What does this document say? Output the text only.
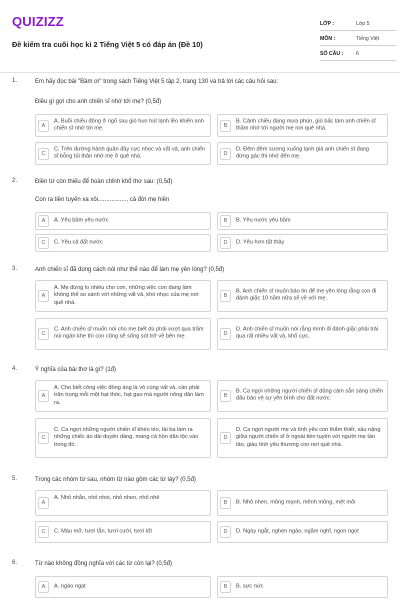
QUIZIZZ
Đề kiểm tra cuối học kì 2 Tiếng Việt 5 có đáp án (Đề 10)
LỚP :	Lớp 5
MÔN :	Tiếng Việt
SỐ CÂU : 6
1.	Em hãy đọc bài "Bầm ơi" trong sách Tiếng Việt 5 tập 2, trang 130 và trả lời các câu hỏi sau:
Điều gì gợi cho anh chiến sĩ nhớ tới mẹ? (0,5đ)
A
A. Buổi chiều đông ở ngõ sau gió hun hút lạnh lẽo khiến anh chiến sĩ nhớ tới mẹ.	B
B. Cảnh chiều đang mưa phùn, gió bấc làm anh chiến sĩ thầm nhớ tới người mẹ nơi quê nhà.
C
C. Trên đường hành quân đầy cực nhọc và vất vả, anh chiến sĩ bỗng tủi thân nhớ mẹ ở quê nhà.	D
D. Đêm đêm sương xuống lạnh giá anh chiến sĩ đang đứng gác thì nhớ đến mẹ.
2.	Điền từ còn thiếu để hoàn chỉnh khổ thơ sau: (0,5đ)
Con ra tiền tuyến xa xôi................., cả đời mẹ hiền
A	A. Yêu bầm yêu nước	B	B. Yêu nước yêu bầm
C	C. Yêu cả đất nước	D	D. Yêu hơn tất thảy
3.	Anh chiến sĩ đã dùng cách nói như thế nào để làm mẹ yên lòng? (0,5đ)
A
A. Mẹ đừng lo nhiều cho con, những việc con đang làm không thể so sánh với những vất vả, khó nhọc của mẹ nơi quê nhà.
B
B. Anh chiến sĩ muốn báo tin để mẹ yên lòng rằng con đi đánh giặc 10 năm nữa sẽ về với mẹ.
C
C. Anh chiến sĩ muốn nói cho mẹ biết dù phải vượt qua trăm núi ngàn khe thì con cũng sẽ sống sót trở về bên mẹ.	D
D. Anh chiến sĩ muốn nói rằng mình đi đánh giặc phải trải qua rất nhiều vất vả, khổ cực.
4.	Ý nghĩa của bài thơ là gì? (1đ)
A
A. Cho biết công việc đồng áng là vô cùng vất vả, cần phải trân trọng mỗi một hạt thóc, hạt gạo mà người nông dân làm ra.
B
B. Ca ngợi những người chiến sĩ dũng cảm sẵn sàng chiến đấu bảo vệ sự yên bình cho đất nước.
C
C. Ca ngợi những người chiến sĩ khéo léo, tài ba làm ra những chiếc áo dài duyên dáng, mang cả hồn dân tộc vào trong đó.
D
D. Ca ngợi người mẹ và tình yêu con thắm thiết, sâu nặng giữa người chiến sĩ ở ngoài tiền tuyến với người mẹ tần tảo, giàu tình yêu thương con nơi quê nhà.
5.	Trong các nhóm từ sau, nhóm từ nào gồm các từ láy? (0,5đ)
A
A. Nhỏ nhắn, nhỏ nhoi, nhỏ nhen, nhỏ nhẻ
B	B. Nhỏ nhen, mông mạnh, mênh mông, mệt mỏi
C	C. Màu mỡ, tươi tắn, tươi cười, tươi tốt	D	D. Ngày ngắt, nghẹn ngào, ngăm nghĩ, ngon ngọt
6.	Từ nào không đồng nghĩa với các từ còn lại? (0,5đ)
A	A. ngào ngạt	B	B. sực nức
